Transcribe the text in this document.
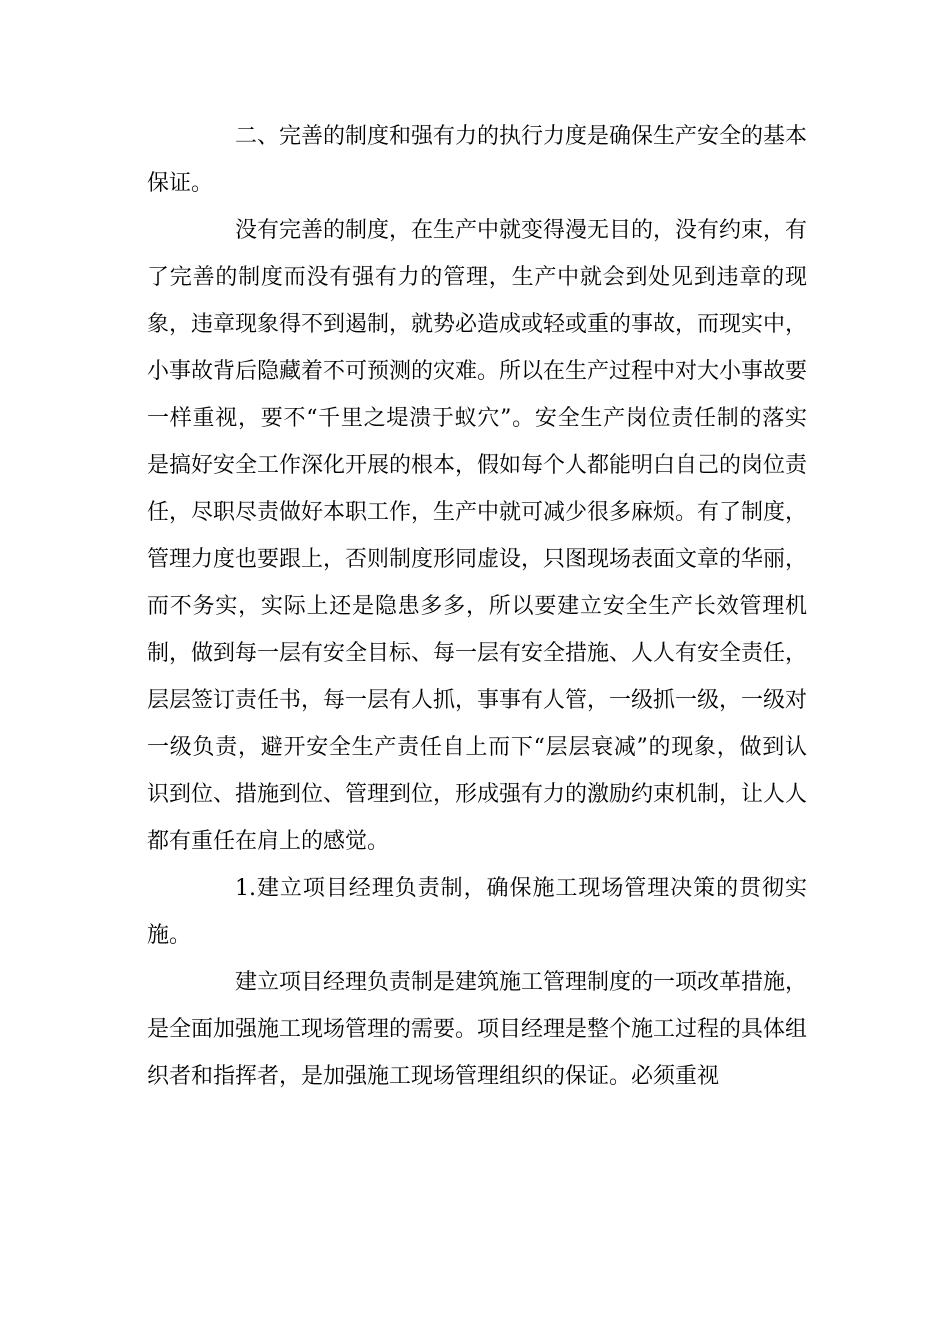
二、完善的制度和强有力的执行力度是确保生产安全的基本保证。

没有完善的制度，在生产中就变得漫无目的，没有约束，有了完善的制度而没有强有力的管理，生产中就会到处见到违章的现象，违章现象得不到遏制，就势必造成或轻或重的事故，而现实中，小事故背后隐藏着不可预测的灾难。所以在生产过程中对大小事故要一样重视，要不“千里之堤溃于蚁穴”。安全生产岗位责任制的落实是搞好安全工作深化开展的根本，假如每个人都能明白自己的岗位责任，尽职尽责做好本职工作，生产中就可减少很多麻烦。有了制度，管理力度也要跟上，否则制度形同虚设，只图现场表面文章的华丽，而不务实，实际上还是隐患多多，所以要建立安全生产长效管理机制，做到每一层有安全目标、每一层有安全措施、人人有安全责任，层层签订责任书，每一层有人抓，事事有人管，一级抓一级，一级对一级负责，避开安全生产责任自上而下“层层衰减”的现象，做到认识到位、措施到位、管理到位，形成强有力的激励约束机制，让人人都有重任在肩上的感觉。

1.建立项目经理负责制，确保施工现场管理决策的贯彻实施。

建立项目经理负责制是建筑施工管理制度的一项改革措施，是全面加强施工现场管理的需要。项目经理是整个施工过程的具体组织者和指挥者，是加强施工现场管理组织的保证。必须重视
